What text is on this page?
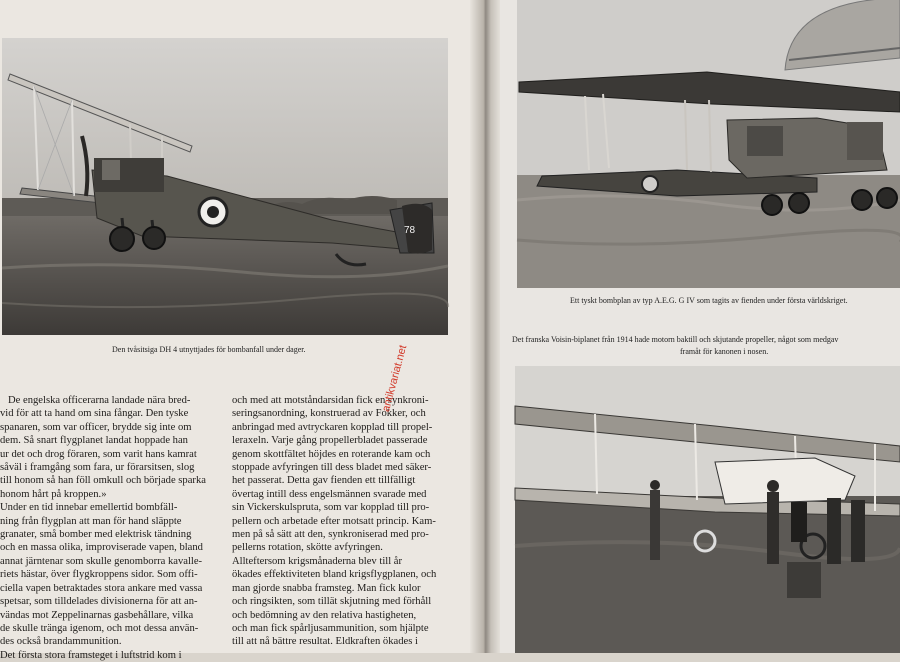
78
Den tvåsitsiga DH 4 utnyttjades för bombanfall under dager.
De engelska officerarna landade nära bred-
vid för att ta hand om sina fångar. Den tyske
spanaren, som var officer, brydde sig inte om
dem. Så snart flygplanet landat hoppade han
ur det och drog föraren, som varit hans kamrat
såväl i framgång som fara, ur förarsitsen, slog
till honom så han föll omkull och började sparka
honom hårt på kroppen.»
Under en tid innebar emellertid bombfäll-
ning från flygplan att man för hand släppte
granater, små bomber med elektrisk tändning
och en massa olika, improviserade vapen, bland
annat järntenar som skulle genomborra kavalle-
riets hästar, över flygkroppens sidor. Som offi-
ciella vapen betraktades stora ankare med vassa
spetsar, som tilldelades divisionerna för att an-
vändas mot Zeppelinarnas gasbehållare, vilka
de skulle tränga igenom, och mot dessa använ-
des också brandammunition.
Det första stora framsteget i luftstrid kom i
och med att motståndarsidan fick en synkroni-
seringsanordning, konstruerad av Fokker, och
anbringad med avtryckaren kopplad till propel-
leraxeln. Varje gång propellerbladet passerade
genom skottfältet höjdes en roterande kam och
stoppade avfyringen till dess bladet med säker-
het passerat. Detta gav fienden ett tillfälligt
övertag intill dess engelsmännen svarade med
sin Vickerskulspruta, som var kopplad till pro-
pellern och arbetade efter motsatt princip. Kam-
men på så sätt att den, synkroniserad med pro-
pellerns rotation, skötte avfyringen.
Allteftersom krigsmånaderna blev till år
ökades effektiviteten bland krigsflygplanen, och
man gjorde snabba framsteg. Man fick kulor
och ringsikten, som tillät skjutning med förhåll
och bedömning av den relativa hastigheten,
och man fick spårljusammunition, som hjälpte
till att nå bättre resultat. Eldkraften ökades i
antikvariat.net
Ett tyskt bombplan av typ A.E.G. G IV som tagits av fienden under första världskriget.
Det franska Voisin-biplanet från 1914 hade motorn baktill och skjutande propeller, något som medgav
framåt för kanonen i nosen.
